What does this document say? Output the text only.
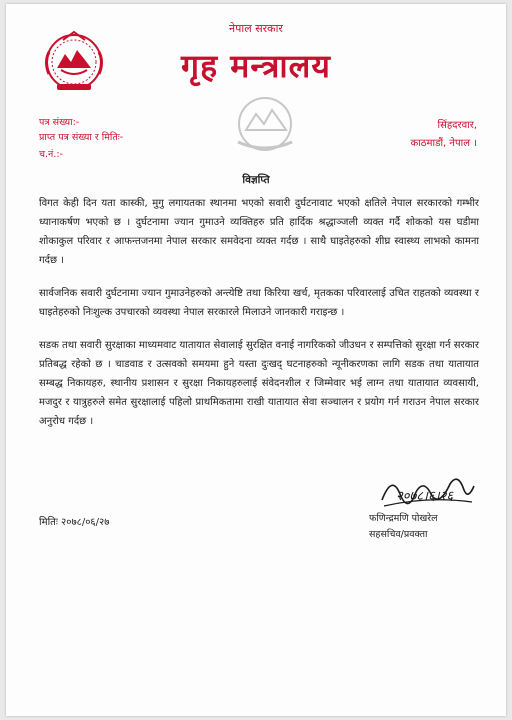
नेपाल सरकार
गृह मन्त्रालय
पत्र संख्या:-
प्राप्त पत्र संख्या र मितिः-
च.नं.:-
सिंहदरवार,
काठमाडौं, नेपाल ।
विज्ञप्ति

विगत केही दिन यता कास्की, मुगु लगायतका स्थानमा भएको सवारी दुर्घटनावाट भएको क्षतिले नेपाल सरकारको गम्भीर ध्यानाकर्षण भएको छ । दुर्घटनामा ज्यान गुमाउने व्यक्तिहरु प्रति हार्दिक श्रद्धाञ्जली व्यक्त गर्दै शोकको यस घडीमा शोकाकुल परिवार र आफन्तजनमा नेपाल सरकार समवेदना व्यक्त गर्दछ । साथै घाइतेहरुको शीघ्र स्वास्थ्य लाभको कामना गर्दछ ।

सार्वजनिक सवारी दुर्घटनामा ज्यान गुमाउनेहरुको अन्त्येष्टि तथा किरिया खर्च, मृतकका परिवारलाई उचित राहतको व्यवस्था र घाइतेहरुको निःशुल्क उपचारको व्यवस्था नेपाल सरकारले मिलाउने जानकारी गराइन्छ ।

सडक तथा सवारी सुरक्षाका माध्यमवाट यातायात सेवालाई सुरक्षित वनाई नागरिकको जीउधन र सम्पत्तिको सुरक्षा गर्न सरकार प्रतिबद्ध रहेको छ । चाडवाड र उत्सवको समयमा हुने यस्ता दुःखद् घटनाहरुको न्यूनीकरणका लागि सडक तथा यातायात सम्बद्ध निकायहरु, स्थानीय प्रशासन र सुरक्षा निकायहरुलाई संवेदनशील र जिम्मेवार भई लाग्न तथा यातायात व्यवसायी, मजदुर र यात्रुहरुले समेत सुरक्षालाई पहिलो प्राथमिकतामा राखी यातायात सेवा सञ्चालन र प्रयोग गर्न गराउन नेपाल सरकार अनुरोध गर्दछ ।

मितिः २०७८/०६/२७
२०७८।६।२६
फणिन्द्रमणि पोखरेल
सहसचिव/प्रवक्ता
